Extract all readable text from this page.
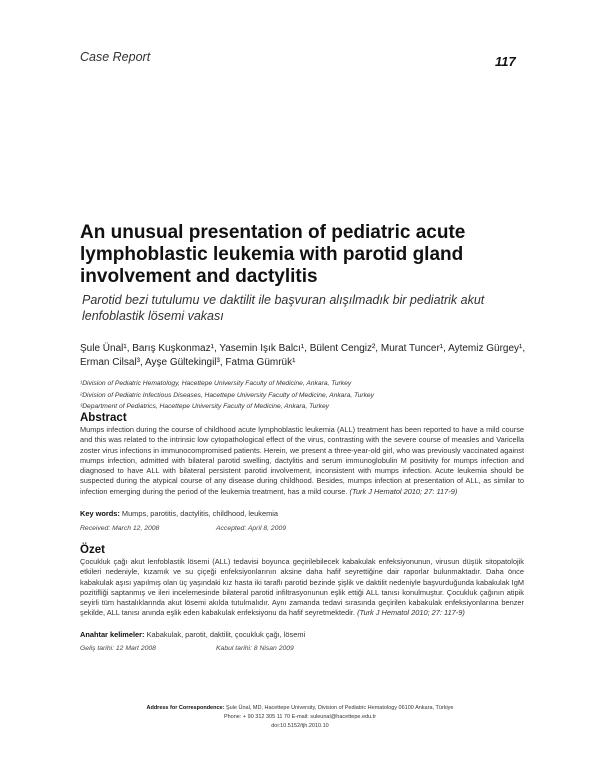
Case Report	117
An unusual presentation of pediatric acute
lymphoblastic leukemia with parotid gland
involvement and dactylitis
Parotid bezi tutulumu ve daktilit ile başvuran alışılmadık bir pediatrik akut lenfoblastik lösemi vakası
Şule Ünal¹, Barış Kuşkonmaz¹, Yasemin Işık Balcı¹, Bülent Cengiz², Murat Tuncer¹, Aytemiz Gürgey¹, Erman Cilsal³, Ayşe Gültekingil³, Fatma Gümrük¹
¹Division of Pediatric Hematology, Hacettepe University Faculty of Medicine, Ankara, Turkey
²Division of Pediatric Infectious Diseases, Hacettepe University Faculty of Medicine, Ankara, Turkey
³Department of Pediatrics, Hacettepe University Faculty of Medicine, Ankara, Turkey
Abstract
Mumps infection during the course of childhood acute lymphoblastic leukemia (ALL) treatment has been reported to have a mild course and this was related to the intrinsic low cytopathological effect of the virus, contrasting with the severe course of measles and Varicella zoster virus infections in immunocompromised patients. Herein, we present a three-year-old girl, who was previously vaccinated against mumps infection, admitted with bilateral parotid swelling, dactylitis and serum immunoglobulin M positivity for mumps infection and diagnosed to have ALL with bilateral persistent parotid involvement, inconsistent with mumps infection. Acute leukemia should be suspected during the atypical course of any disease during childhood. Besides, mumps infection at presentation of ALL, as similar to infection emerging during the period of the leukemia treatment, has a mild course. (Turk J Hematol 2010; 27: 117-9)
Key words: Mumps, parotitis, dactylitis, childhood, leukemia
Received: March 12, 2008	Accepted: April 8, 2009
Özet
Çocukluk çağı akut lenfoblastik lösemi (ALL) tedavisi boyunca geçirilebilecek kabakulak enfeksiyonunun, virusun düşük sitopatolojik etkileri nedeniyle, kızamık ve su çiçeği enfeksiyonlarının aksine daha hafif seyrettiğine dair raporlar bulunmaktadır. Daha önce kabakulak aşısı yapılmış olan üç yaşındaki kız hasta iki taraflı parotid bezinde şişlik ve daktilit nedeniyle başvurduğunda kabakulak IgM pozitifliği saptanmış ve ileri incelemesinde bilateral parotid infiltrasyonunun eşlik ettiği ALL tanısı konulmuştur. Çocukluk çağının atipik seyirli tüm hastalıklarında akut lösemi akılda tutulmalıdır. Aynı zamanda tedavi sırasında geçirilen kabakulak enfeksiyonlarına benzer şekilde, ALL tanısı anında eşlik eden kabakulak enfeksiyonu da hafif seyretmektedir. (Turk J Hematol 2010; 27: 117-9)
Anahtar kelimeler: Kabakulak, parotit, daktilit, çocukluk çağı, lösemi
Geliş tarihi: 12 Mart 2008	Kabul tarihi: 8 Nisan 2009
Address for Correspondence: Şule Ünal, MD, Hacettepe University, Division of Pediatric Hematology 06100 Ankara, Türkiye
Phone: + 90 312 305 11 70 E-mail: suleunal@hacettepe.edu.tr
doi:10.5152/tjh.2010.10
